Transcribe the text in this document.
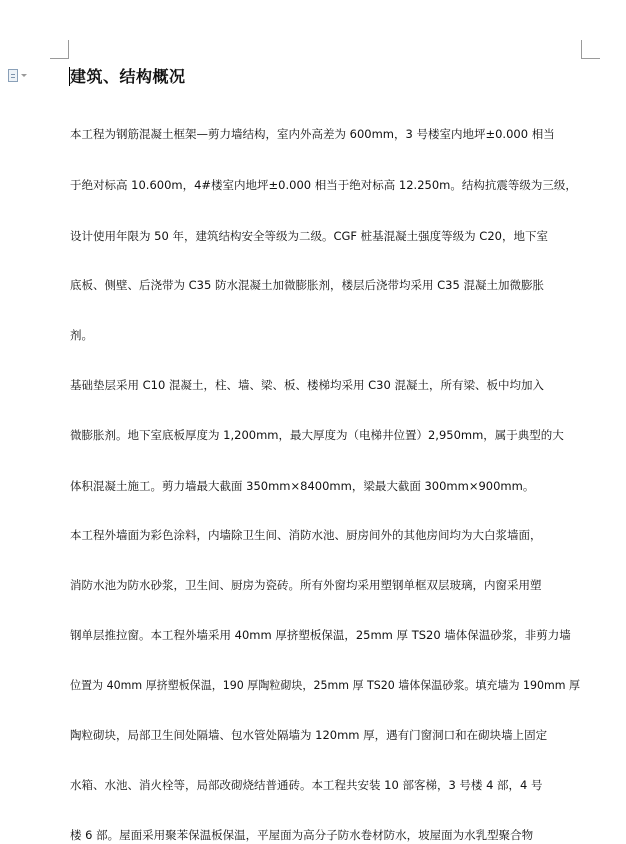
建筑、结构概况
本工程为钢筋混凝土框架—剪力墙结构，室内外高差为 600mm，3 号楼室内地坪±0.000 相当
于绝对标高 10.600m，4#楼室内地坪±0.000 相当于绝对标高 12.250m。结构抗震等级为三级，
设计使用年限为 50 年，建筑结构安全等级为二级。CGF 桩基混凝土强度等级为 C20，地下室
底板、侧壁、后浇带为 C35 防水混凝土加微膨胀剂，楼层后浇带均采用 C35 混凝土加微膨胀
剂。
基础垫层采用 C10 混凝土，柱、墙、梁、板、楼梯均采用 C30 混凝土，所有梁、板中均加入
微膨胀剂。地下室底板厚度为 1,200mm，最大厚度为（电梯井位置）2,950mm，属于典型的大
体积混凝土施工。剪力墙最大截面 350mm×8400mm，梁最大截面 300mm×900mm。
本工程外墙面为彩色涂料，内墙除卫生间、消防水池、厨房间外的其他房间均为大白浆墙面，
消防水池为防水砂浆，卫生间、厨房为瓷砖。所有外窗均采用塑钢单框双层玻璃，内窗采用塑
钢单层推拉窗。本工程外墙采用 40mm 厚挤塑板保温，25mm 厚 TS20 墙体保温砂浆，非剪力墙
位置为 40mm 厚挤塑板保温，190 厚陶粒砌块，25mm 厚 TS20 墙体保温砂浆。填充墙为 190mm 厚
陶粒砌块，局部卫生间处隔墙、包水管处隔墙为 120mm 厚，遇有门窗洞口和在砌块墙上固定
水箱、水池、消火栓等，局部改砌烧结普通砖。本工程共安装 10 部客梯，3 号楼 4 部，4 号
楼 6 部。屋面采用聚苯保温板保温，平屋面为高分子防水卷材防水，坡屋面为水乳型聚合物
